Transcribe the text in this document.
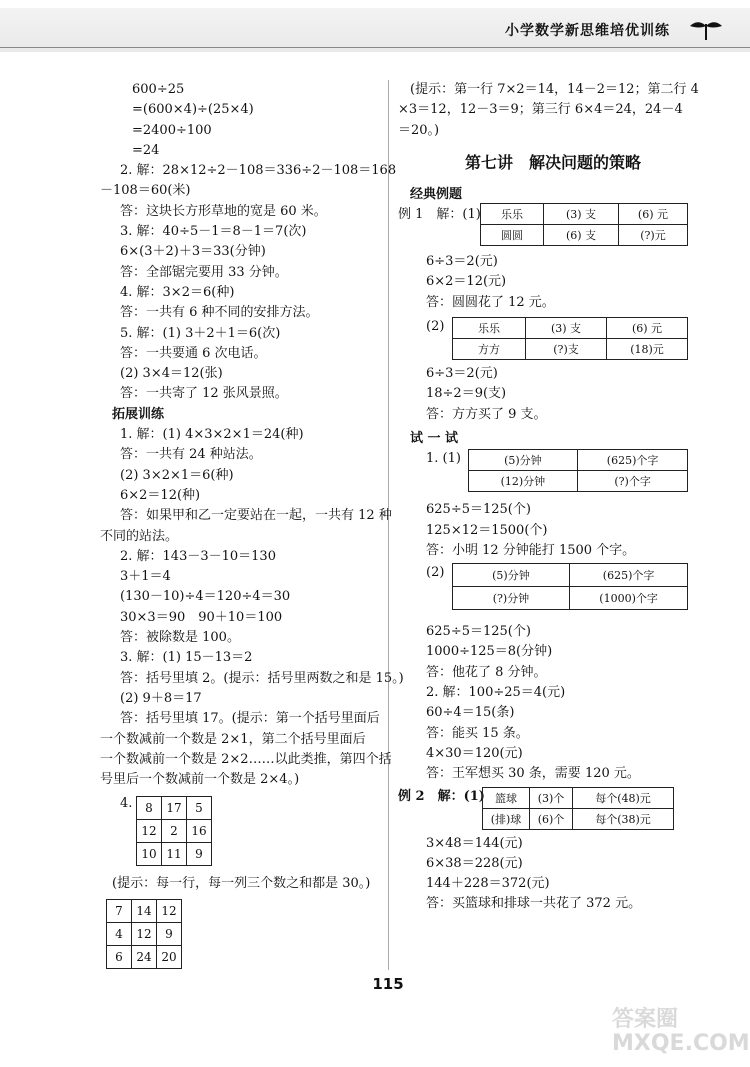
小学数学新思维培优训练
600÷25
=(600×4)÷(25×4)
=2400÷100
=24
2. 解：28×12÷2－108＝336÷2－108＝168
－108＝60(米)
答：这块长方形草地的宽是 60 米。
3. 解：40÷5－1＝8－1＝7(次)
6×(3＋2)＋3＝33(分钟)
答：全部锯完要用 33 分钟。
4. 解：3×2＝6(种)
答：一共有 6 种不同的安排方法。
5. 解：(1) 3＋2＋1＝6(次)
答：一共要通 6 次电话。
(2) 3×4＝12(张)
答：一共寄了 12 张风景照。
拓展训练
1. 解：(1) 4×3×2×1＝24(种)
答：一共有 24 种站法。
(2) 3×2×1＝6(种)
6×2＝12(种)
答：如果甲和乙一定要站在一起，一共有 12 种
不同的站法。
2. 解：143－3－10＝130
3＋1＝4
(130－10)÷4＝120÷4＝30
30×3＝90　90＋10＝100
答：被除数是 100。
3. 解：(1) 15－13＝2
答：括号里填 2。(提示：括号里两数之和是 15。)
(2) 9＋8＝17
答：括号里填 17。(提示：第一个括号里面后
一个数减前一个数是 2×1，第二个括号里面后
一个数减前一个数是 2×2……以此类推，第四个括
号里后一个数减前一个数是 2×4。)
4. 8	17	5
12	2	16
10	11	9
(提示：每一行，每一列三个数之和都是 30。)
7	14	12
4	12	9
6	24	20
(提示：第一行 7×2＝14，14－2＝12；第二行 4
×3＝12，12－3＝9；第三行 6×4＝24，24－4
＝20。)
第七讲　解决问题的策略
经典例题
例 1　解：(1) 乐乐	(3) 支	(6) 元
圆圆	(6) 支	(?)元
6÷3＝2(元)
6×2＝12(元)
答：圆圆花了 12 元。
(2)	乐乐	(3) 支	(6) 元
方方	(?)支	(18)元
6÷3＝2(元)
18÷2＝9(支)
答：方方买了 9 支。
试 一 试
1. (1)	(5)分钟	(625)个字
(12)分钟	(?)个字
625÷5＝125(个)
125×12＝1500(个)
答：小明 12 分钟能打 1500 个字。
(2)	(5)分钟	(625)个字
(?)分钟	(1000)个字
625÷5＝125(个)
1000÷125＝8(分钟)
答：他花了 8 分钟。
2. 解：100÷25＝4(元)
60÷4＝15(条)
答：能买 15 条。
4×30＝120(元)
答：王军想买 30 条，需要 120 元。
例 2　解：(1) 篮球	(3)个	每个(48)元
(排)球	(6)个	每个(38)元
3×48＝144(元)
6×38＝228(元)
144＋228＝372(元)
答：买篮球和排球一共花了 372 元。
115
答案圈
MXQE.COM
